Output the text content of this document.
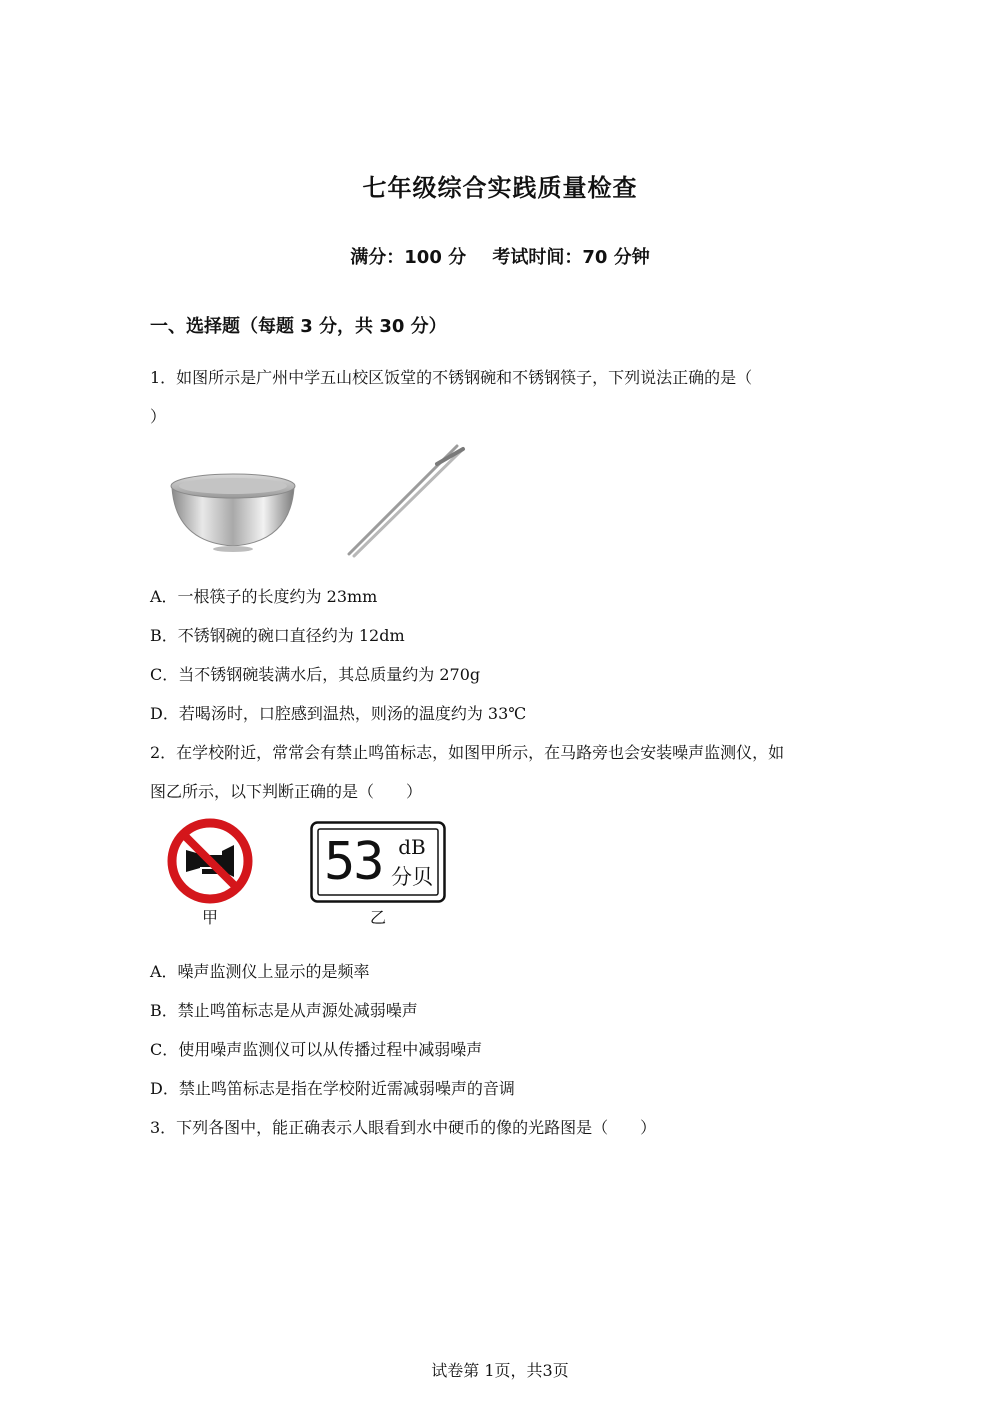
七年级综合实践质量检查
满分：100 分 考试时间：70 分钟
一、选择题（每题 3 分，共 30 分）
1．如图所示是广州中学五山校区饭堂的不锈钢碗和不锈钢筷子，下列说法正确的是（
）
A．一根筷子的长度约为 23mm
B．不锈钢碗的碗口直径约为 12dm
C．当不锈钢碗装满水后，其总质量约为 270g
D．若喝汤时，口腔感到温热，则汤的温度约为 33℃
2．在学校附近，常常会有禁止鸣笛标志，如图甲所示，在马路旁也会安装噪声监测仪，如
图乙所示，以下判断正确的是（　　）
甲
53 dB
分贝
乙
A．噪声监测仪上显示的是频率
B．禁止鸣笛标志是从声源处减弱噪声
C．使用噪声监测仪可以从传播过程中减弱噪声
D．禁止鸣笛标志是指在学校附近需减弱噪声的音调
3．下列各图中，能正确表示人眼看到水中硬币的像的光路图是（　　）
试卷第 1页，共3页
